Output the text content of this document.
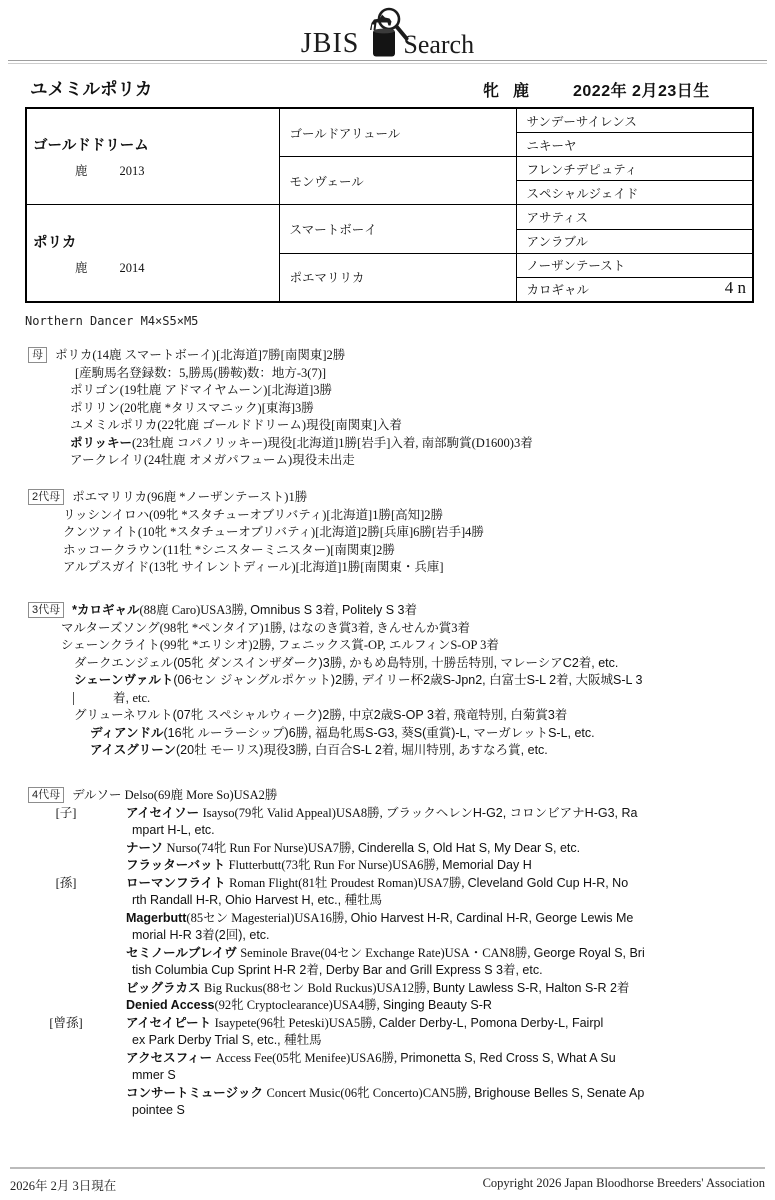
JBIS Search
ユメミルポリカ	牝 鹿	2022年 2月23日生
ゴールドドリーム
鹿 2013	ゴールドアリュール	サンデーサイレンス
		ニキーヤ
	モンヴェール	フレンチデピュティ
		スペシャルジェイド

ポリカ
鹿 2014	スマートボーイ	アサティス
		アンラブル
	ポエマリリカ	ノーザンテースト
		カロギャル 4 n
Northern Dancer M4×S5×M5
母 ポリカ(14鹿 スマートボーイ)[北海道]7勝[南関東]2勝
[産駒馬名登録数：5,勝馬(勝鞍)数：地方-3(7)]
ポリゴン(19牡鹿 アドマイヤムーン)[北海道]3勝
ポリリン(20牝鹿 *タリスマニック)[東海]3勝
ユメミルポリカ(22牝鹿 ゴールドドリーム)現役[南関東]入着
ポリッキー(23牡鹿 コパノリッキー)現役[北海道]1勝[岩手]入着, 南部駒賞(D1600)3着
アークレイリ(24牡鹿 オメガパフューム)現役未出走
2代母 ポエマリリカ(96鹿 *ノーザンテースト)1勝
リッシンイロハ(09牝 *スタチューオブリバティ)[北海道]1勝[高知]2勝
クンツァイト(10牝 *スタチューオブリバティ)[北海道]2勝[兵庫]6勝[岩手]4勝
ホッコークラウン(11牡 *シニスターミニスター)[南関東]2勝
アルプスガイド(13牝 サイレントディール)[北海道]1勝[南関東・兵庫]
3代母 *カロギャル(88鹿 Caro)USA3勝, Omnibus S 3着, Politely S 3着
マルターズソング(98牝 *ペンタイア)1勝, はなのき賞3着, きんせんか賞3着
シェーンクライト(99牝 *エリシオ)2勝, フェニックス賞-OP, エルフィンS-OP 3着
ダークエンジェル(05牝 ダンスインザダーク)3勝, かもめ島特別, 十勝岳特別, マレーシアC2着, etc.
シェーンヴァルト(06セン ジャングルポケット)2勝, デイリー杯2歳S-Jpn2, 白富士S-L 2着, 大阪城S-L 3
着, etc.
グリューネワルト(07牝 スペシャルウィーク)2勝, 中京2歳S-OP 3着, 飛竜特別, 白菊賞3着
ディアンドル(16牝 ルーラーシップ)6勝, 福島牝馬S-G3, 葵S(重賞)-L, マーガレットS-L, etc.
アイスグリーン(20牡 モーリス)現役3勝, 白百合S-L 2着, 堀川特別, あすなろ賞, etc.
4代母 デルソー Delso(69鹿 More So)USA2勝
[子]	アイセイソー Isayso(79牝 Valid Appeal)USA8勝, ブラックヘレンH-G2, コロンビアナH-G3, Ra
mpart H-L, etc.
ナーソ Nurso(74牝 Run For Nurse)USA7勝, Cinderella S, Old Hat S, My Dear S, etc.
フラッターバット Flutterbutt(73牝 Run For Nurse)USA6勝, Memorial Day H
[孫]	ローマンフライト Roman Flight(81牡 Proudest Roman)USA7勝, Cleveland Gold Cup H-R, No
rth Randall H-R, Ohio Harvest H, etc., 種牡馬
Magerbutt(85セン Magesterial)USA16勝, Ohio Harvest H-R, Cardinal H-R, George Lewis Me
morial H-R 3着(2回), etc.
セミノールブレイヴ Seminole Brave(04セン Exchange Rate)USA・CAN8勝, George Royal S, Bri
tish Columbia Cup Sprint H-R 2着, Derby Bar and Grill Express S 3着, etc.
ビッグラカス Big Ruckus(88セン Bold Ruckus)USA12勝, Bunty Lawless S-R, Halton S-R 2着
Denied Access(92牝 Cryptoclearance)USA4勝, Singing Beauty S-R
[曾孫]	アイセイピート Isaypete(96牡 Peteski)USA5勝, Calder Derby-L, Pomona Derby-L, Fairpl
ex Park Derby Trial S, etc., 種牡馬
アクセスフィー Access Fee(05牝 Menifee)USA6勝, Primonetta S, Red Cross S, What A Su
mmer S
コンサートミュージック Concert Music(06牝 Concerto)CAN5勝, Brighouse Belles S, Senate Ap
pointee S
2026年 2月 3日現在	Copyright 2026 Japan Bloodhorse Breeders' Association
